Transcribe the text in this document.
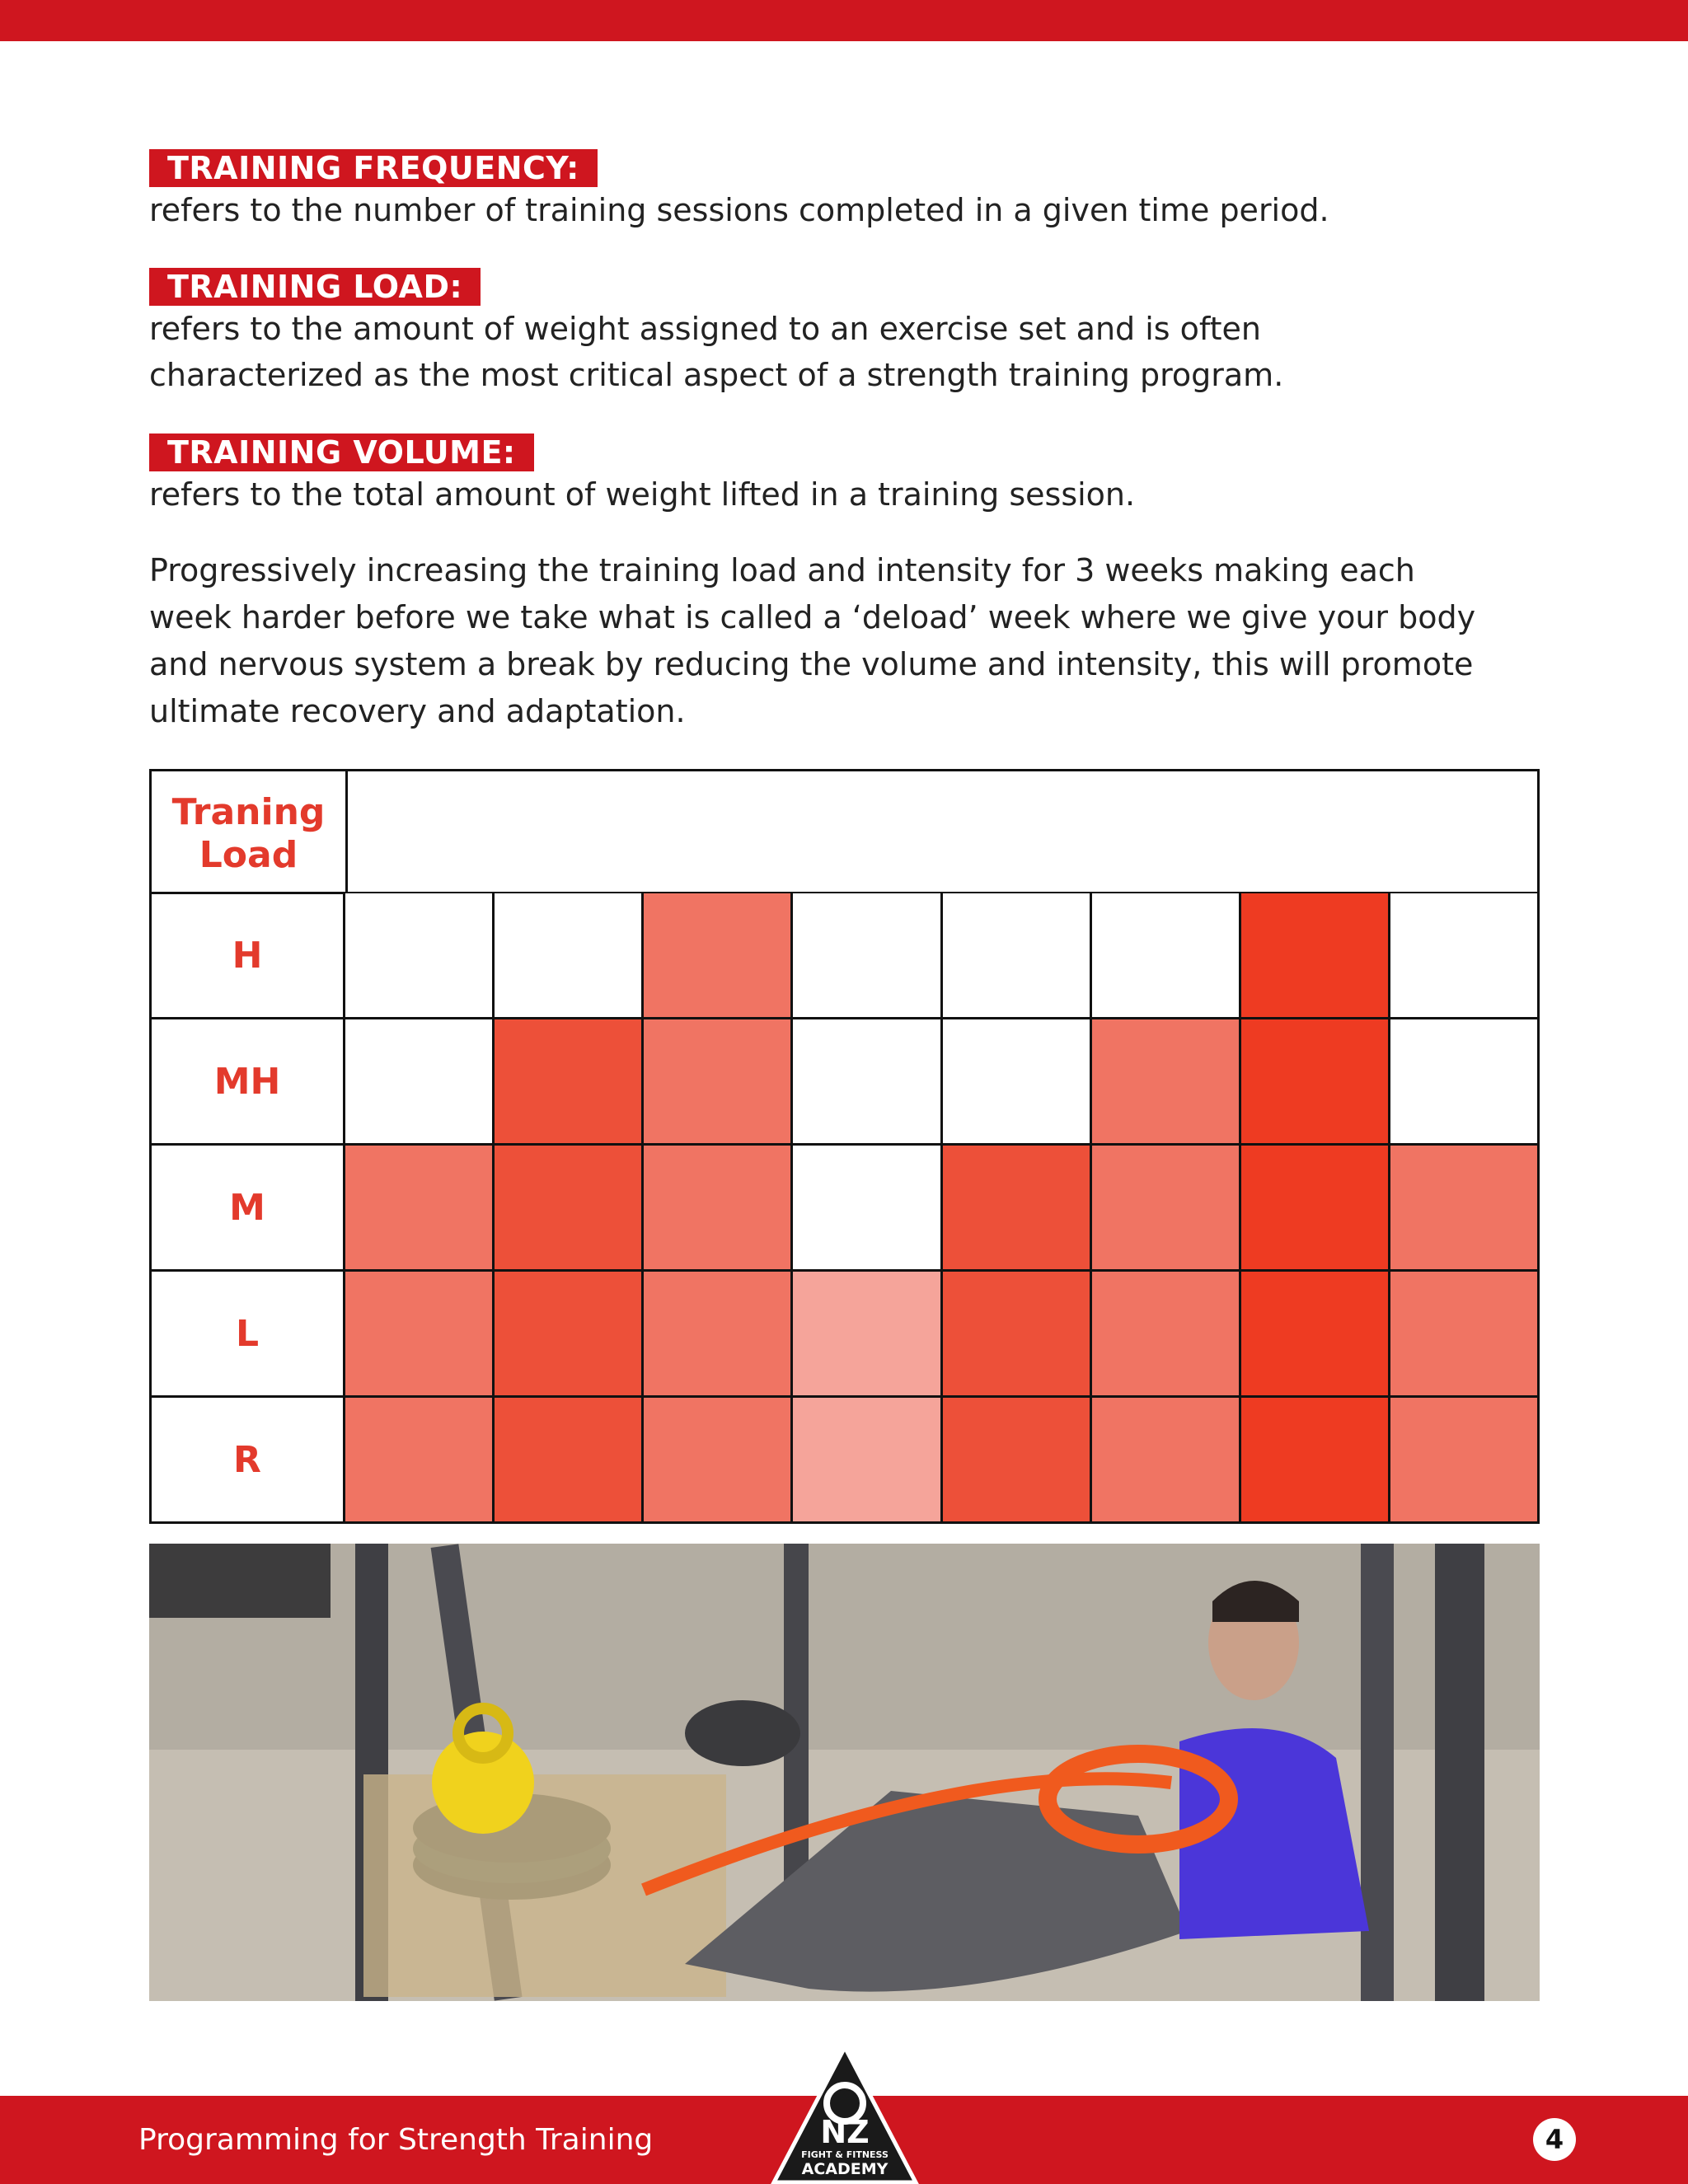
TRAINING FREQUENCY:
refers to the number of training sessions completed in a given time period.
TRAINING LOAD:
refers to the amount of weight assigned to an exercise set and is often
characterized as the most critical aspect of a strength training program.
TRAINING VOLUME:
refers to the total amount of weight lifted in a training session.
Progressively increasing the training load and intensity for 3 weeks making each
week harder before we take what is called a ‘deload’ week where we give your body
and nervous system a break by reducing the volume and intensity, this will promote
ultimate recovery and adaptation.
Traning
Load
H
MH
M
L
R
Programming for Strength Training	NZ
FIGHT & FITNESS
ACADEMY
4
